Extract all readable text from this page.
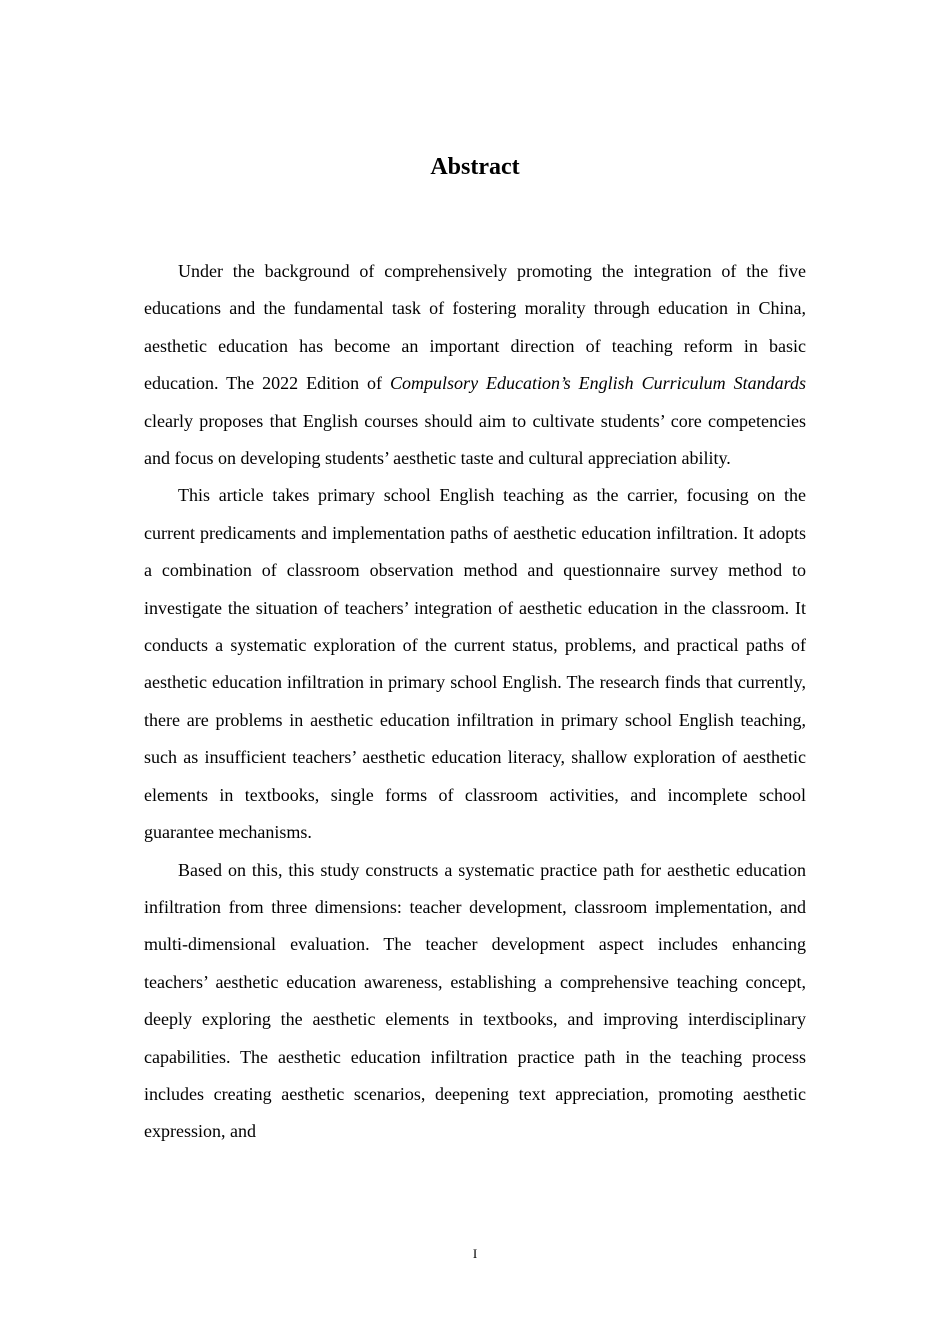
Abstract

Under the background of comprehensively promoting the integration of the five educations and the fundamental task of fostering morality through education in China, aesthetic education has become an important direction of teaching reform in basic education. The 2022 Edition of Compulsory Education’s English Curriculum Standards clearly proposes that English courses should aim to cultivate students’ core competencies and focus on developing students’ aesthetic taste and cultural appreciation ability.

This article takes primary school English teaching as the carrier, focusing on the current predicaments and implementation paths of aesthetic education infiltration. It adopts a combination of classroom observation method and questionnaire survey method to investigate the situation of teachers’ integration of aesthetic education in the classroom. It conducts a systematic exploration of the current status, problems, and practical paths of aesthetic education infiltration in primary school English. The research finds that currently, there are problems in aesthetic education infiltration in primary school English teaching, such as insufficient teachers’ aesthetic education literacy, shallow exploration of aesthetic elements in textbooks, single forms of classroom activities, and incomplete school guarantee mechanisms.

Based on this, this study constructs a systematic practice path for aesthetic education infiltration from three dimensions: teacher development, classroom implementation, and multi-dimensional evaluation. The teacher development aspect includes enhancing teachers’ aesthetic education awareness, establishing a comprehensive teaching concept, deeply exploring the aesthetic elements in textbooks, and improving interdisciplinary capabilities. The aesthetic education infiltration practice path in the teaching process includes creating aesthetic scenarios, deepening text appreciation, promoting aesthetic expression, and

I
